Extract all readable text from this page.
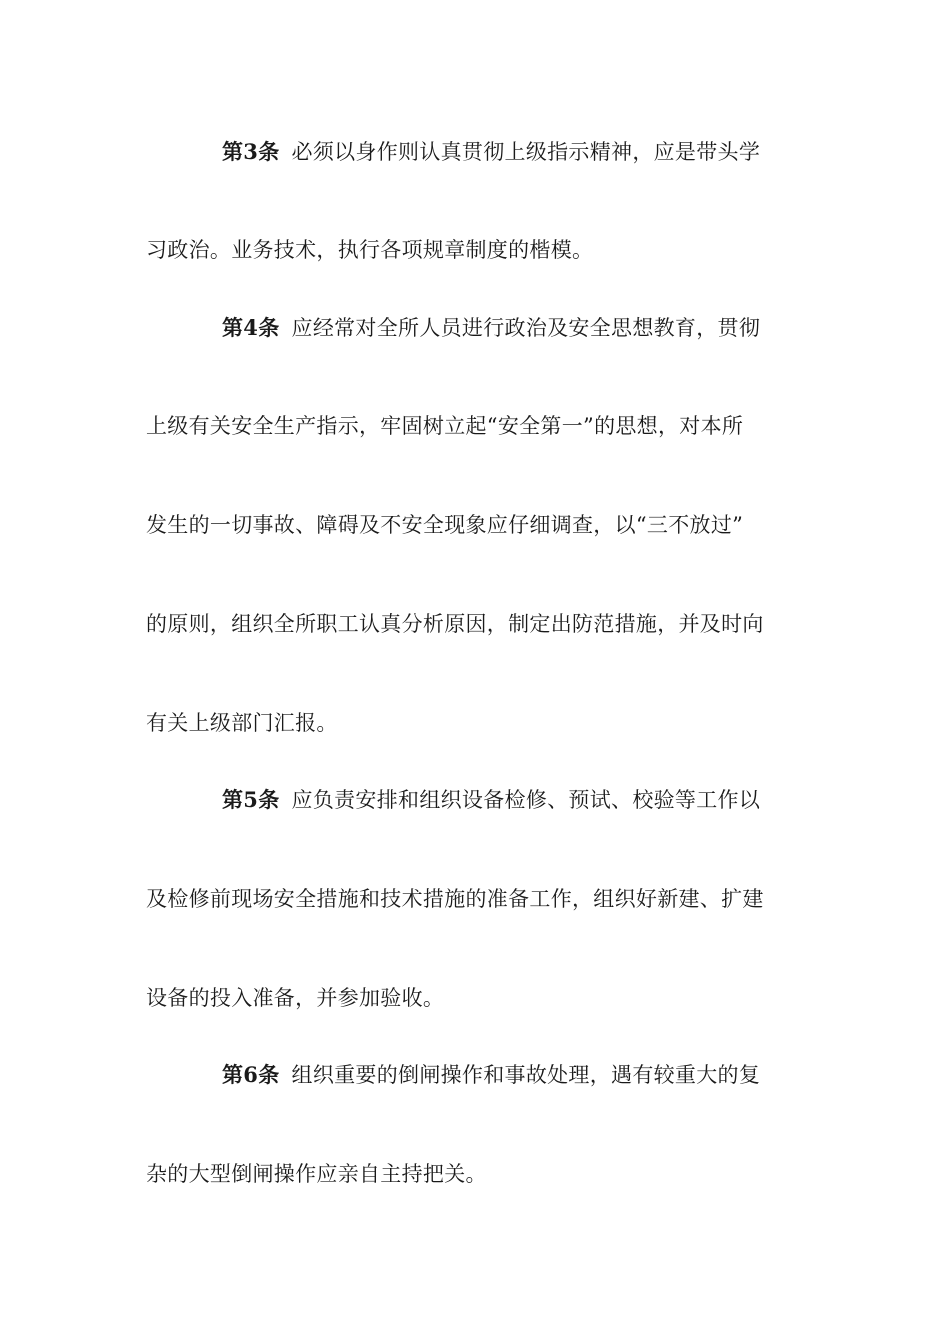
第3条 必须以身作则认真贯彻上级指示精神，应是带头学
习政治。业务技术，执行各项规章制度的楷模。
第4条 应经常对全所人员进行政治及安全思想教育，贯彻
上级有关安全生产指示，牢固树立起“安全第一”的思想，对本所
发生的一切事故、障碍及不安全现象应仔细调查，以“三不放过”
的原则，组织全所职工认真分析原因，制定出防范措施，并及时向
有关上级部门汇报。
第5条 应负责安排和组织设备检修、预试、校验等工作以
及检修前现场安全措施和技术措施的准备工作，组织好新建、扩建
设备的投入准备，并参加验收。
第6条 组织重要的倒闸操作和事故处理，遇有较重大的复
杂的大型倒闸操作应亲自主持把关。
